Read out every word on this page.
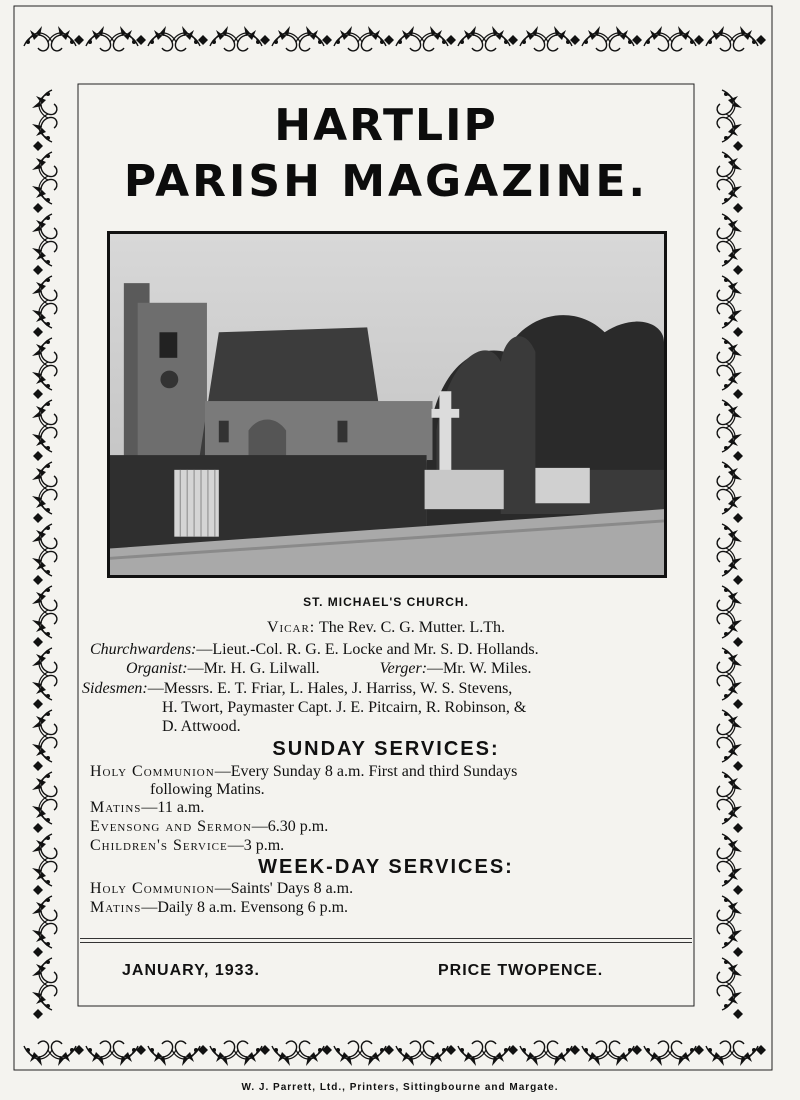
HARTLIP
PARISH MAGAZINE.
ST. MICHAEL'S CHURCH.
Vicar: The Rev. C. G. Mutter. L.Th.
Churchwardens:—Lieut.-Col. R. G. E. Locke and Mr. S. D. Hollands.
Organist:—Mr. H. G. Lilwall.	Verger:—Mr. W. Miles.
Sidesmen:—Messrs. E. T. Friar, L. Hales, J. Harriss, W. S. Stevens,
H. Twort, Paymaster Capt. J. E. Pitcairn, R. Robinson, &
D. Attwood.
SUNDAY SERVICES:
Holy Communion—Every Sunday 8 a.m. First and third Sundays
following Matins.
Matins—11 a.m.
Evensong and Sermon—6.30 p.m.
Children's Service—3 p.m.
WEEK-DAY SERVICES:
Holy Communion—Saints' Days 8 a.m.
Matins—Daily 8 a.m. Evensong 6 p.m.
JANUARY, 1933.	PRICE TWOPENCE.
W. J. Parrett, Ltd., Printers, Sittingbourne and Margate.
